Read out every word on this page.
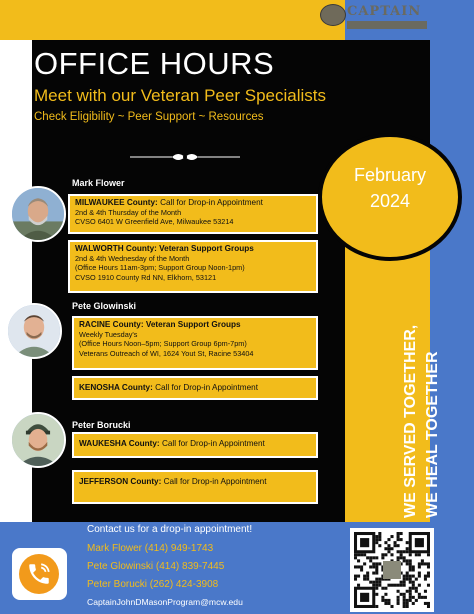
CAPTAIN
OFFICE HOURS
Meet with our Veteran Peer Specialists
Check Eligibility ~ Peer Support ~ Resources
February
2024
WE SERVED TOGETHER, WE HEAL TOGETHER
Mark Flower
MILWAUKEE County: Call for Drop-in Appointment
2nd & 4th Thursday of the Month
CVSO 6401 W Greenfield Ave, Milwaukee 53214
WALWORTH County: Veteran Support Groups
2nd & 4th Wednesday of the Month
(Office Hours 11am-3pm; Support Group Noon-1pm)
CVSO 1910 County Rd NN, Elkhorn, 53121
Pete Glowinski
RACINE County: Veteran Support Groups
Weekly Tuesday's
(Office Hours Noon–5pm; Support Group 6pm-7pm)
Veterans Outreach of WI, 1624 Yout St, Racine 53404
KENOSHA County: Call for Drop-in Appointment
Peter Borucki
WAUKESHA County: Call for Drop-in Appointment
JEFFERSON County: Call for Drop-in Appointment
Contact us for a drop-in appointment!
Mark Flower (414) 949-1743
Pete Glowinski (414) 839-7445
Peter Borucki (262) 424-3908
CaptainJohnDMasonProgram@mcw.edu
